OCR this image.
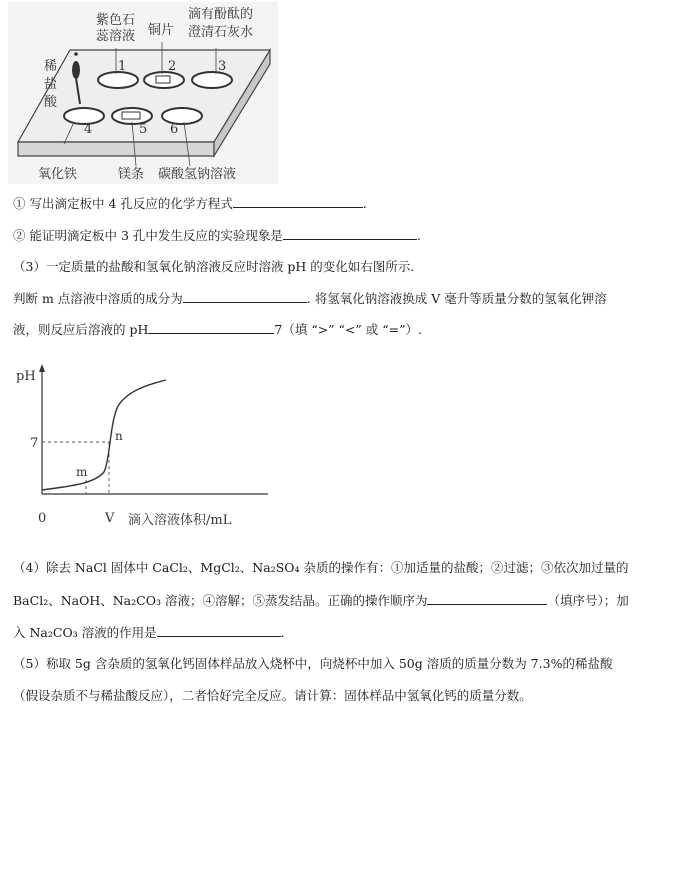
1	2	3
4	5 6
紫色石
蕊溶液 铜片
滴有酚酞的
澄清石灰水
稀
盐
酸
氧化铁	镁条 碳酸氢钠溶液
① 写出滴定板中 4 孔反应的化学方程式	.
② 能证明滴定板中 3 孔中发生反应的实验现象是	.
（3）一定质量的盐酸和氢氧化钠溶液反应时溶液 pH 的变化如右图所示.
判断 m 点溶液中溶质的成分为	. 将氢氧化钠溶液换成 V 毫升等质量分数的氢氧化钾溶
液，则反应后溶液的 pH	7（填 “>” “<” 或 “=”）.
pH
7
0	V 滴入溶液体积/mL
m
n
（4）除去 NaCl 固体中 CaCl₂、MgCl₂、Na₂SO₄ 杂质的操作有：①加适量的盐酸；②过滤；③依次加过量的
BaCl₂、NaOH、Na₂CO₃ 溶液；④溶解；⑤蒸发结晶。正确的操作顺序为	（填序号）；加
入 Na₂CO₃ 溶液的作用是	.
（5）称取 5g 含杂质的氢氧化钙固体样品放入烧杯中，向烧杯中加入 50g 溶质的质量分数为 7.3%的稀盐酸
（假设杂质不与稀盐酸反应），二者恰好完全反应。请计算：固体样品中氢氧化钙的质量分数。
